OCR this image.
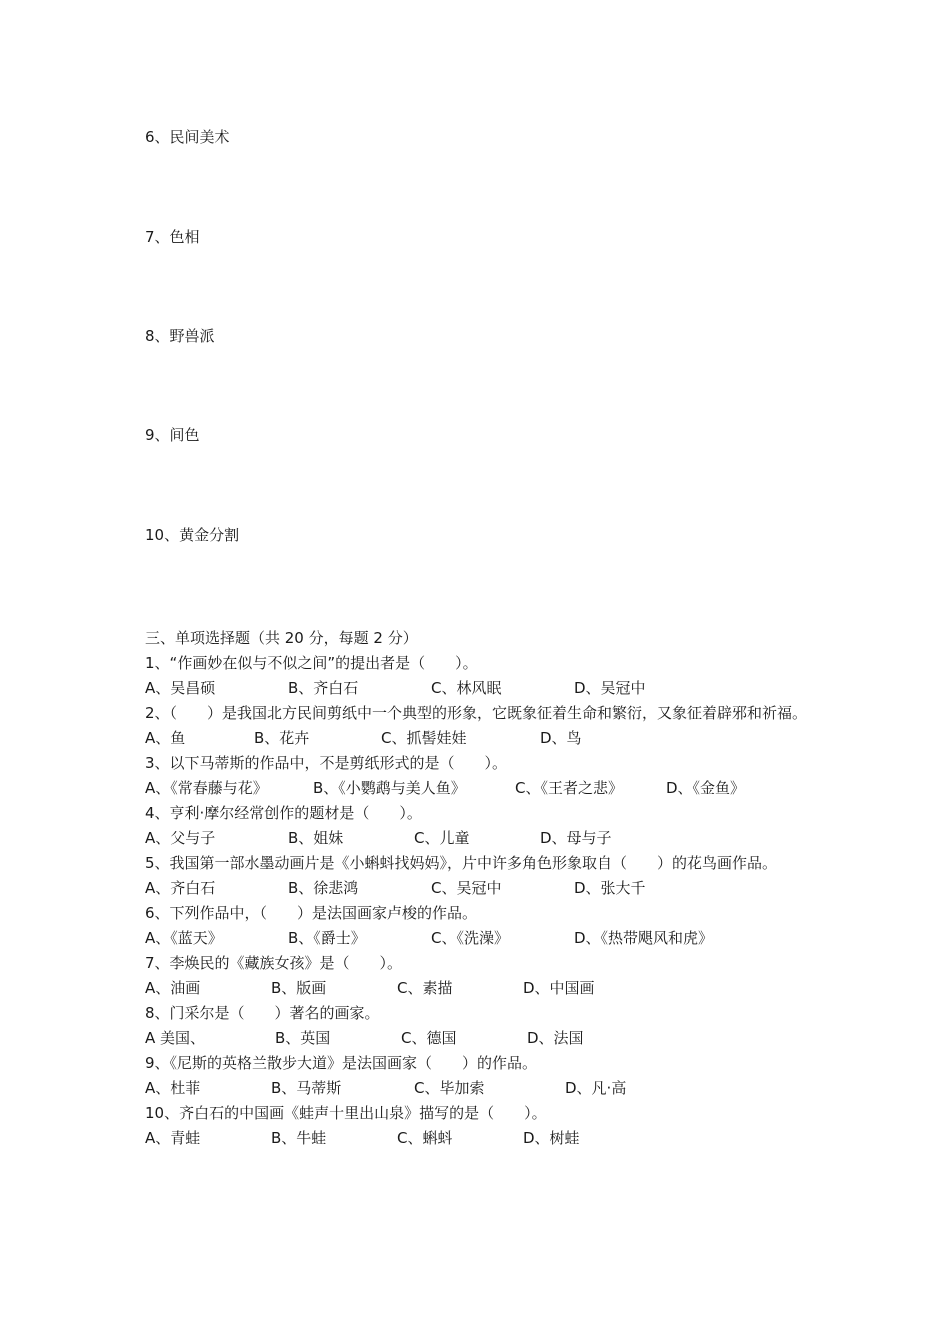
6、民间美术
7、色相
8、野兽派
9、间色
10、黄金分割
三、单项选择题（共 20 分，每题 2 分）
1、“作画妙在似与不似之间”的提出者是（　　）。
A、吴昌硕	B、齐白石	C、林风眠	D、吴冠中
2、（　　）是我国北方民间剪纸中一个典型的形象，它既象征着生命和繁衍，又象征着辟邪和祈福。
A、鱼	B、花卉	C、抓髻娃娃	D、鸟
3、以下马蒂斯的作品中，不是剪纸形式的是（　　）。
A、《常春藤与花》	B、《小鹦鹉与美人鱼》	C、《王者之悲》	D、《金鱼》
4、亨利·摩尔经常创作的题材是（　　）。
A、父与子	B、姐妹	C、儿童	D、母与子
5、我国第一部水墨动画片是《小蝌蚪找妈妈》，片中许多角色形象取自（　　）的花鸟画作品。
A、齐白石	B、徐悲鸿	C、吴冠中	D、张大千
6、下列作品中，（　　）是法国画家卢梭的作品。
A、《蓝天》	B、《爵士》	C、《洗澡》	D、《热带飓风和虎》
7、李焕民的《藏族女孩》是（　　）。
A、油画	B、版画	C、素描	D、中国画
8、门采尔是（　　）著名的画家。
A 美国、	B、英国	C、德国	D、法国
9、《尼斯的英格兰散步大道》是法国画家（　　）的作品。
A、杜菲	B、马蒂斯	C、毕加索	D、凡·高
10、齐白石的中国画《蛙声十里出山泉》描写的是（　　）。
A、青蛙	B、牛蛙	C、蝌蚪	D、树蛙
